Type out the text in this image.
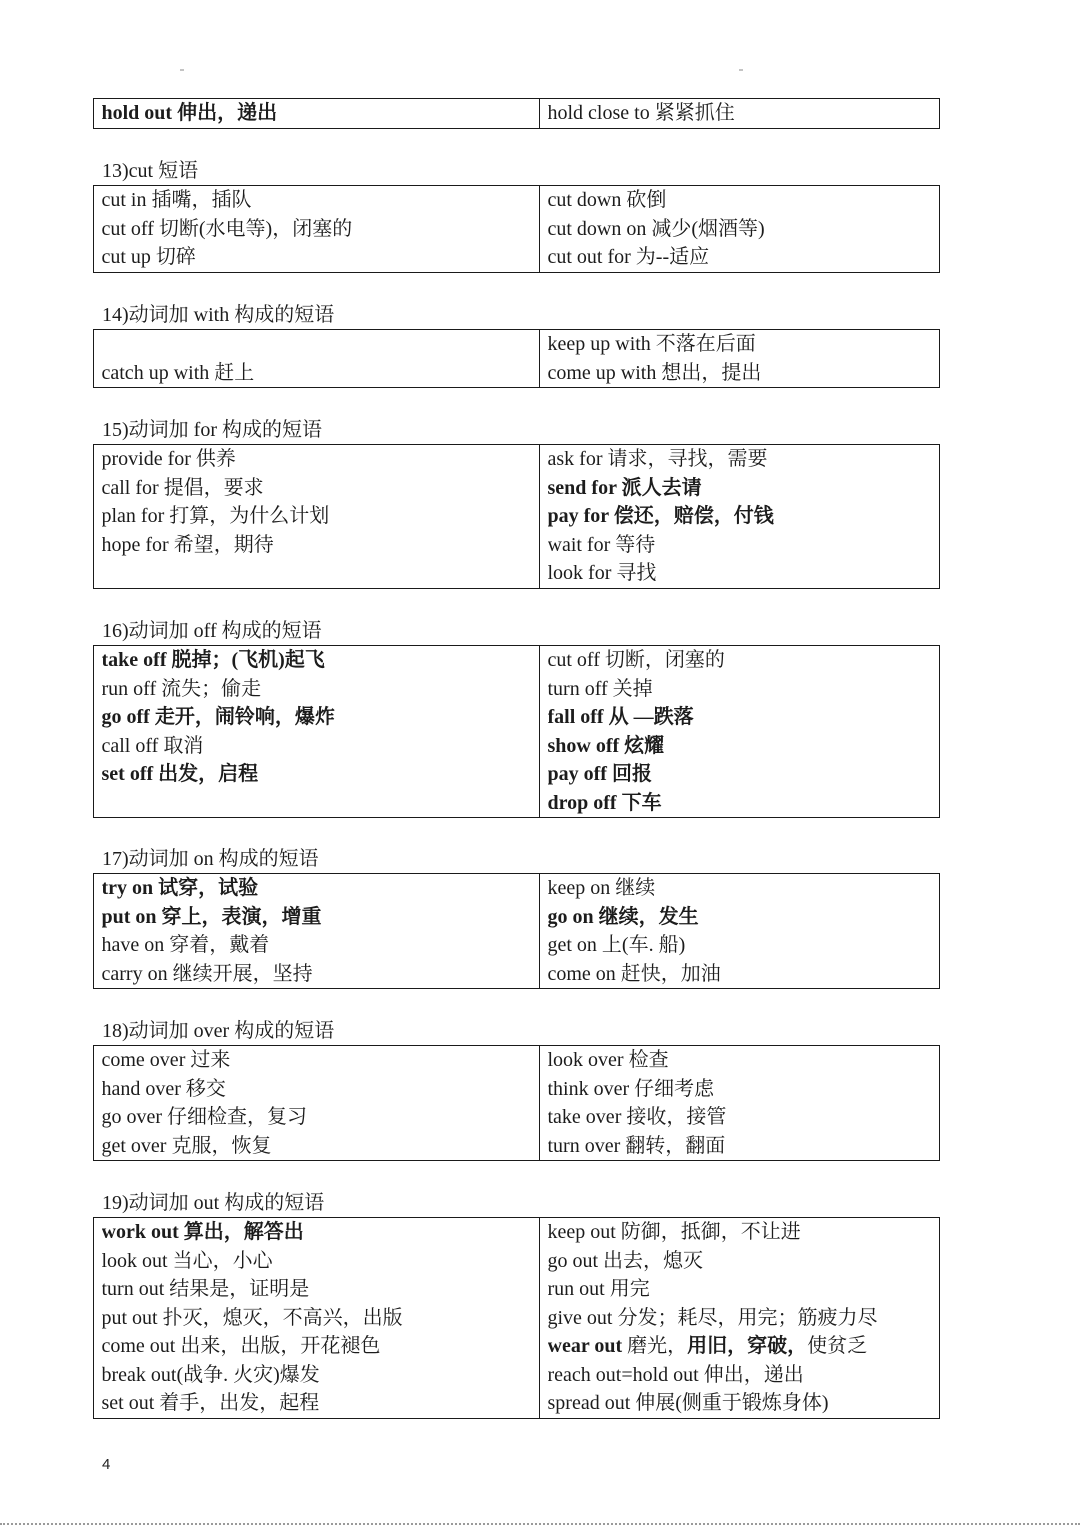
hold out 伸出，递出	hold close to 紧紧抓住
13)cut 短语
cut in 插嘴，插队
cut off 切断(水电等)，闭塞的
cut up 切碎
cut down 砍倒
cut down on 减少(烟酒等)
cut out for 为--适应
14)动词加 with 构成的短语
catch up with 赶上
keep up with 不落在后面
come up with 想出，提出
15)动词加 for 构成的短语
provide for 供养
call for 提倡，要求
plan for 打算，为什么计划
hope for 希望，期待
ask for 请求，寻找，需要
send for 派人去请
pay for 偿还，赔偿，付钱
wait for 等待
look for 寻找
16)动词加 off 构成的短语
take off 脱掉；(飞机)起飞
run off 流失；偷走
go off 走开，闹铃响，爆炸
call off 取消
set off 出发，启程
cut off 切断，闭塞的
turn off 关掉
fall off 从 —跌落
show off 炫耀
pay off 回报
drop off 下车
17)动词加 on 构成的短语
try on 试穿，试验
put on 穿上，表演，增重
have on 穿着，戴着
carry on 继续开展，坚持
keep on 继续
go on 继续，发生
get on 上(车. 船)
come on 赶快，加油
18)动词加 over 构成的短语
come over 过来
hand over 移交
go over 仔细检查，复习
get over 克服，恢复
look over 检查
think over 仔细考虑
take over 接收，接管
turn over 翻转，翻面
19)动词加 out 构成的短语
work out 算出，解答出
look out 当心，小心
turn out 结果是，证明是
put out 扑灭，熄灭，不高兴，出版
come out 出来，出版，开花褪色
break out(战争. 火灾)爆发
set out 着手，出发，起程
keep out 防御，抵御，不让进
go out 出去，熄灭
run out 用完
give out 分发；耗尽，用完；筋疲力尽
wear out 磨光，用旧，穿破，使贫乏
reach out=hold out 伸出，递出
spread out 伸展(侧重于锻炼身体)
4
